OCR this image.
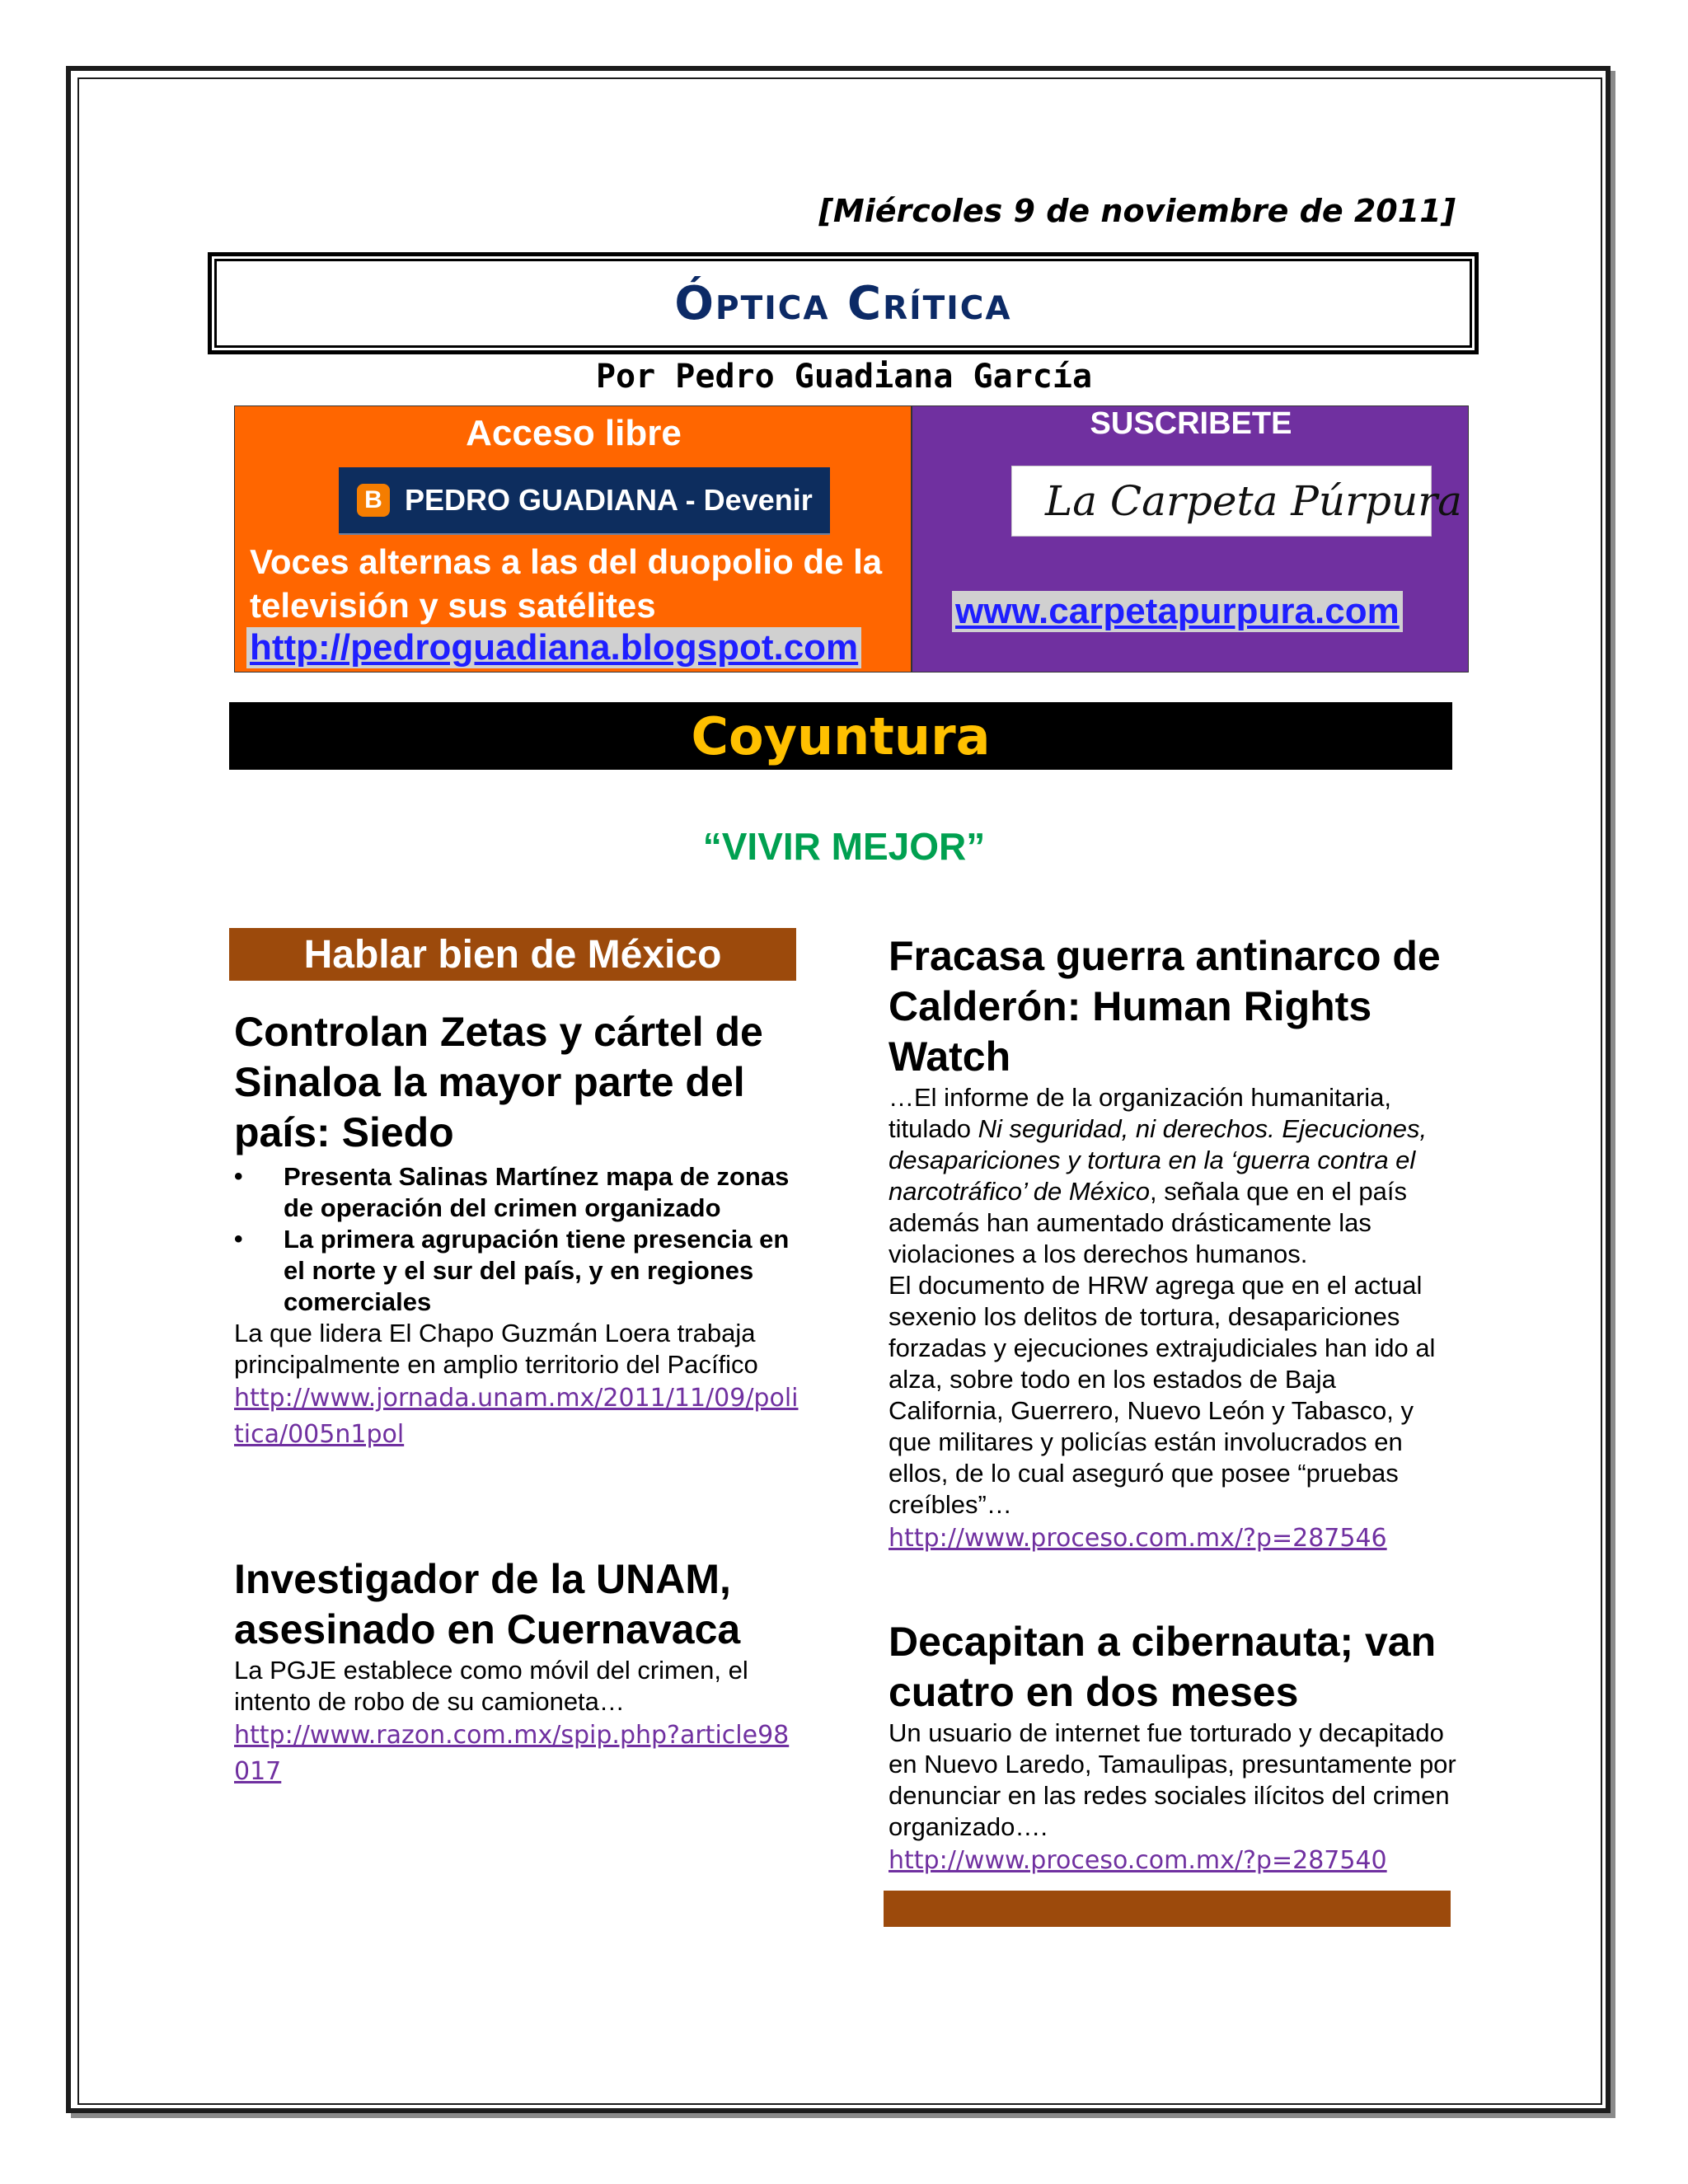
[Miércoles 9 de noviembre de 2011]
Óptica Crítica
Por Pedro Guadiana García
Acceso libre
B PEDRO GUADIANA - Devenir
Voces alternas a las del duopolio de la televisión y sus satélites
http://pedroguadiana.blogspot.com
SUSCRIBETE
La Carpeta Púrpura
www.carpetapurpura.com
Coyuntura
“VIVIR MEJOR”
Hablar bien de México
Controlan Zetas y cártel de Sinaloa la mayor parte del país: Siedo
• Presenta Salinas Martínez mapa de zonas de operación del crimen organizado
• La primera agrupación tiene presencia en el norte y el sur del país, y en regiones comerciales

La que lidera El Chapo Guzmán Loera trabaja principalmente en amplio territorio del Pacífico

http://www.jornada.unam.mx/2011/11/09/politica/005n1pol
Investigador de la UNAM, asesinado en Cuernavaca

La PGJE establece como móvil del crimen, el intento de robo de su camioneta…

http://www.razon.com.mx/spip.php?article98017
Fracasa guerra antinarco de Calderón: Human Rights Watch

…El informe de la organización humanitaria, titulado Ni seguridad, ni derechos. Ejecuciones, desapariciones y tortura en la ‘guerra contra el narcotráfico’ de México, señala que en el país además han aumentado drásticamente las violaciones a los derechos humanos.

El documento de HRW agrega que en el actual sexenio los delitos de tortura, desapariciones forzadas y ejecuciones extrajudiciales han ido al alza, sobre todo en los estados de Baja California, Guerrero, Nuevo León y Tabasco, y que militares y policías están involucrados en ellos, de lo cual aseguró que posee “pruebas creíbles”…

http://www.proceso.com.mx/?p=287546
Decapitan a cibernauta; van cuatro en dos meses

Un usuario de internet fue torturado y decapitado en Nuevo Laredo, Tamaulipas, presuntamente por denunciar en las redes sociales ilícitos del crimen organizado….

http://www.proceso.com.mx/?p=287540
